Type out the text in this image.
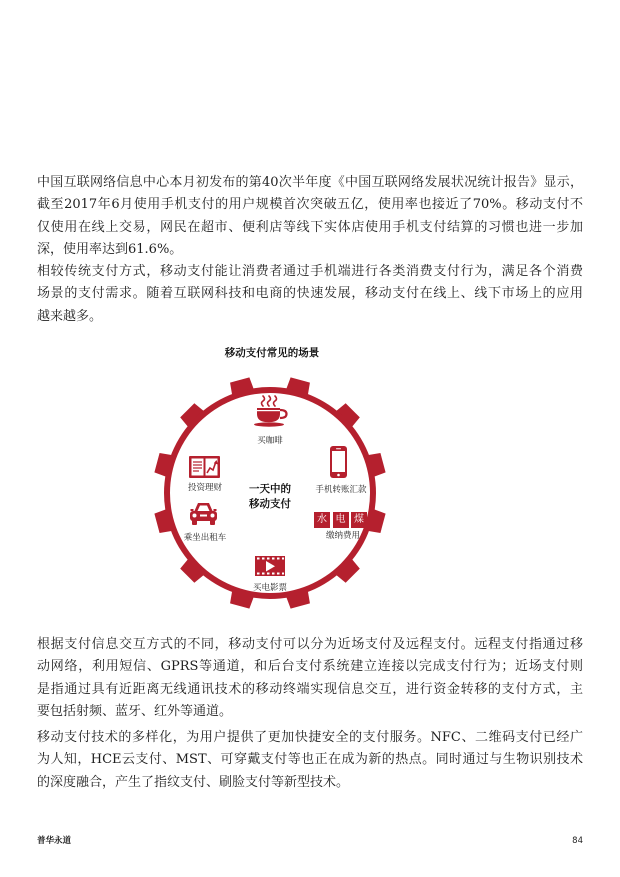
中国互联网络信息中心本月初发布的第40次半年度《中国互联网络发展状况统计报告》显示，
截至2017年6月使用手机支付的用户规模首次突破五亿，使用率也接近了70%。移动支付不
仅使用在线上交易，网民在超市、便利店等线下实体店使用手机支付结算的习惯也进一步加
深，使用率达到61.6%。
相较传统支付方式，移动支付能让消费者通过手机端进行各类消费支付行为，满足各个消费
场景的支付需求。随着互联网科技和电商的快速发展，移动支付在线上、线下市场上的应用
越来越多。
移动支付常见的场景
一天中的
移动支付
买咖啡
手机转账汇款
水 电 煤
缴纳费用
买电影票
投资理财
乘坐出租车
根据支付信息交互方式的不同，移动支付可以分为近场支付及远程支付。远程支付指通过移
动网络，利用短信、GPRS等通道，和后台支付系统建立连接以完成支付行为；近场支付则
是指通过具有近距离无线通讯技术的移动终端实现信息交互，进行资金转移的支付方式，主
要包括射频、蓝牙、红外等通道。
移动支付技术的多样化，为用户提供了更加快捷安全的支付服务。NFC、二维码支付已经广
为人知，HCE云支付、MST、可穿戴支付等也正在成为新的热点。同时通过与生物识别技术
的深度融合，产生了指纹支付、刷脸支付等新型技术。
普华永道	84
